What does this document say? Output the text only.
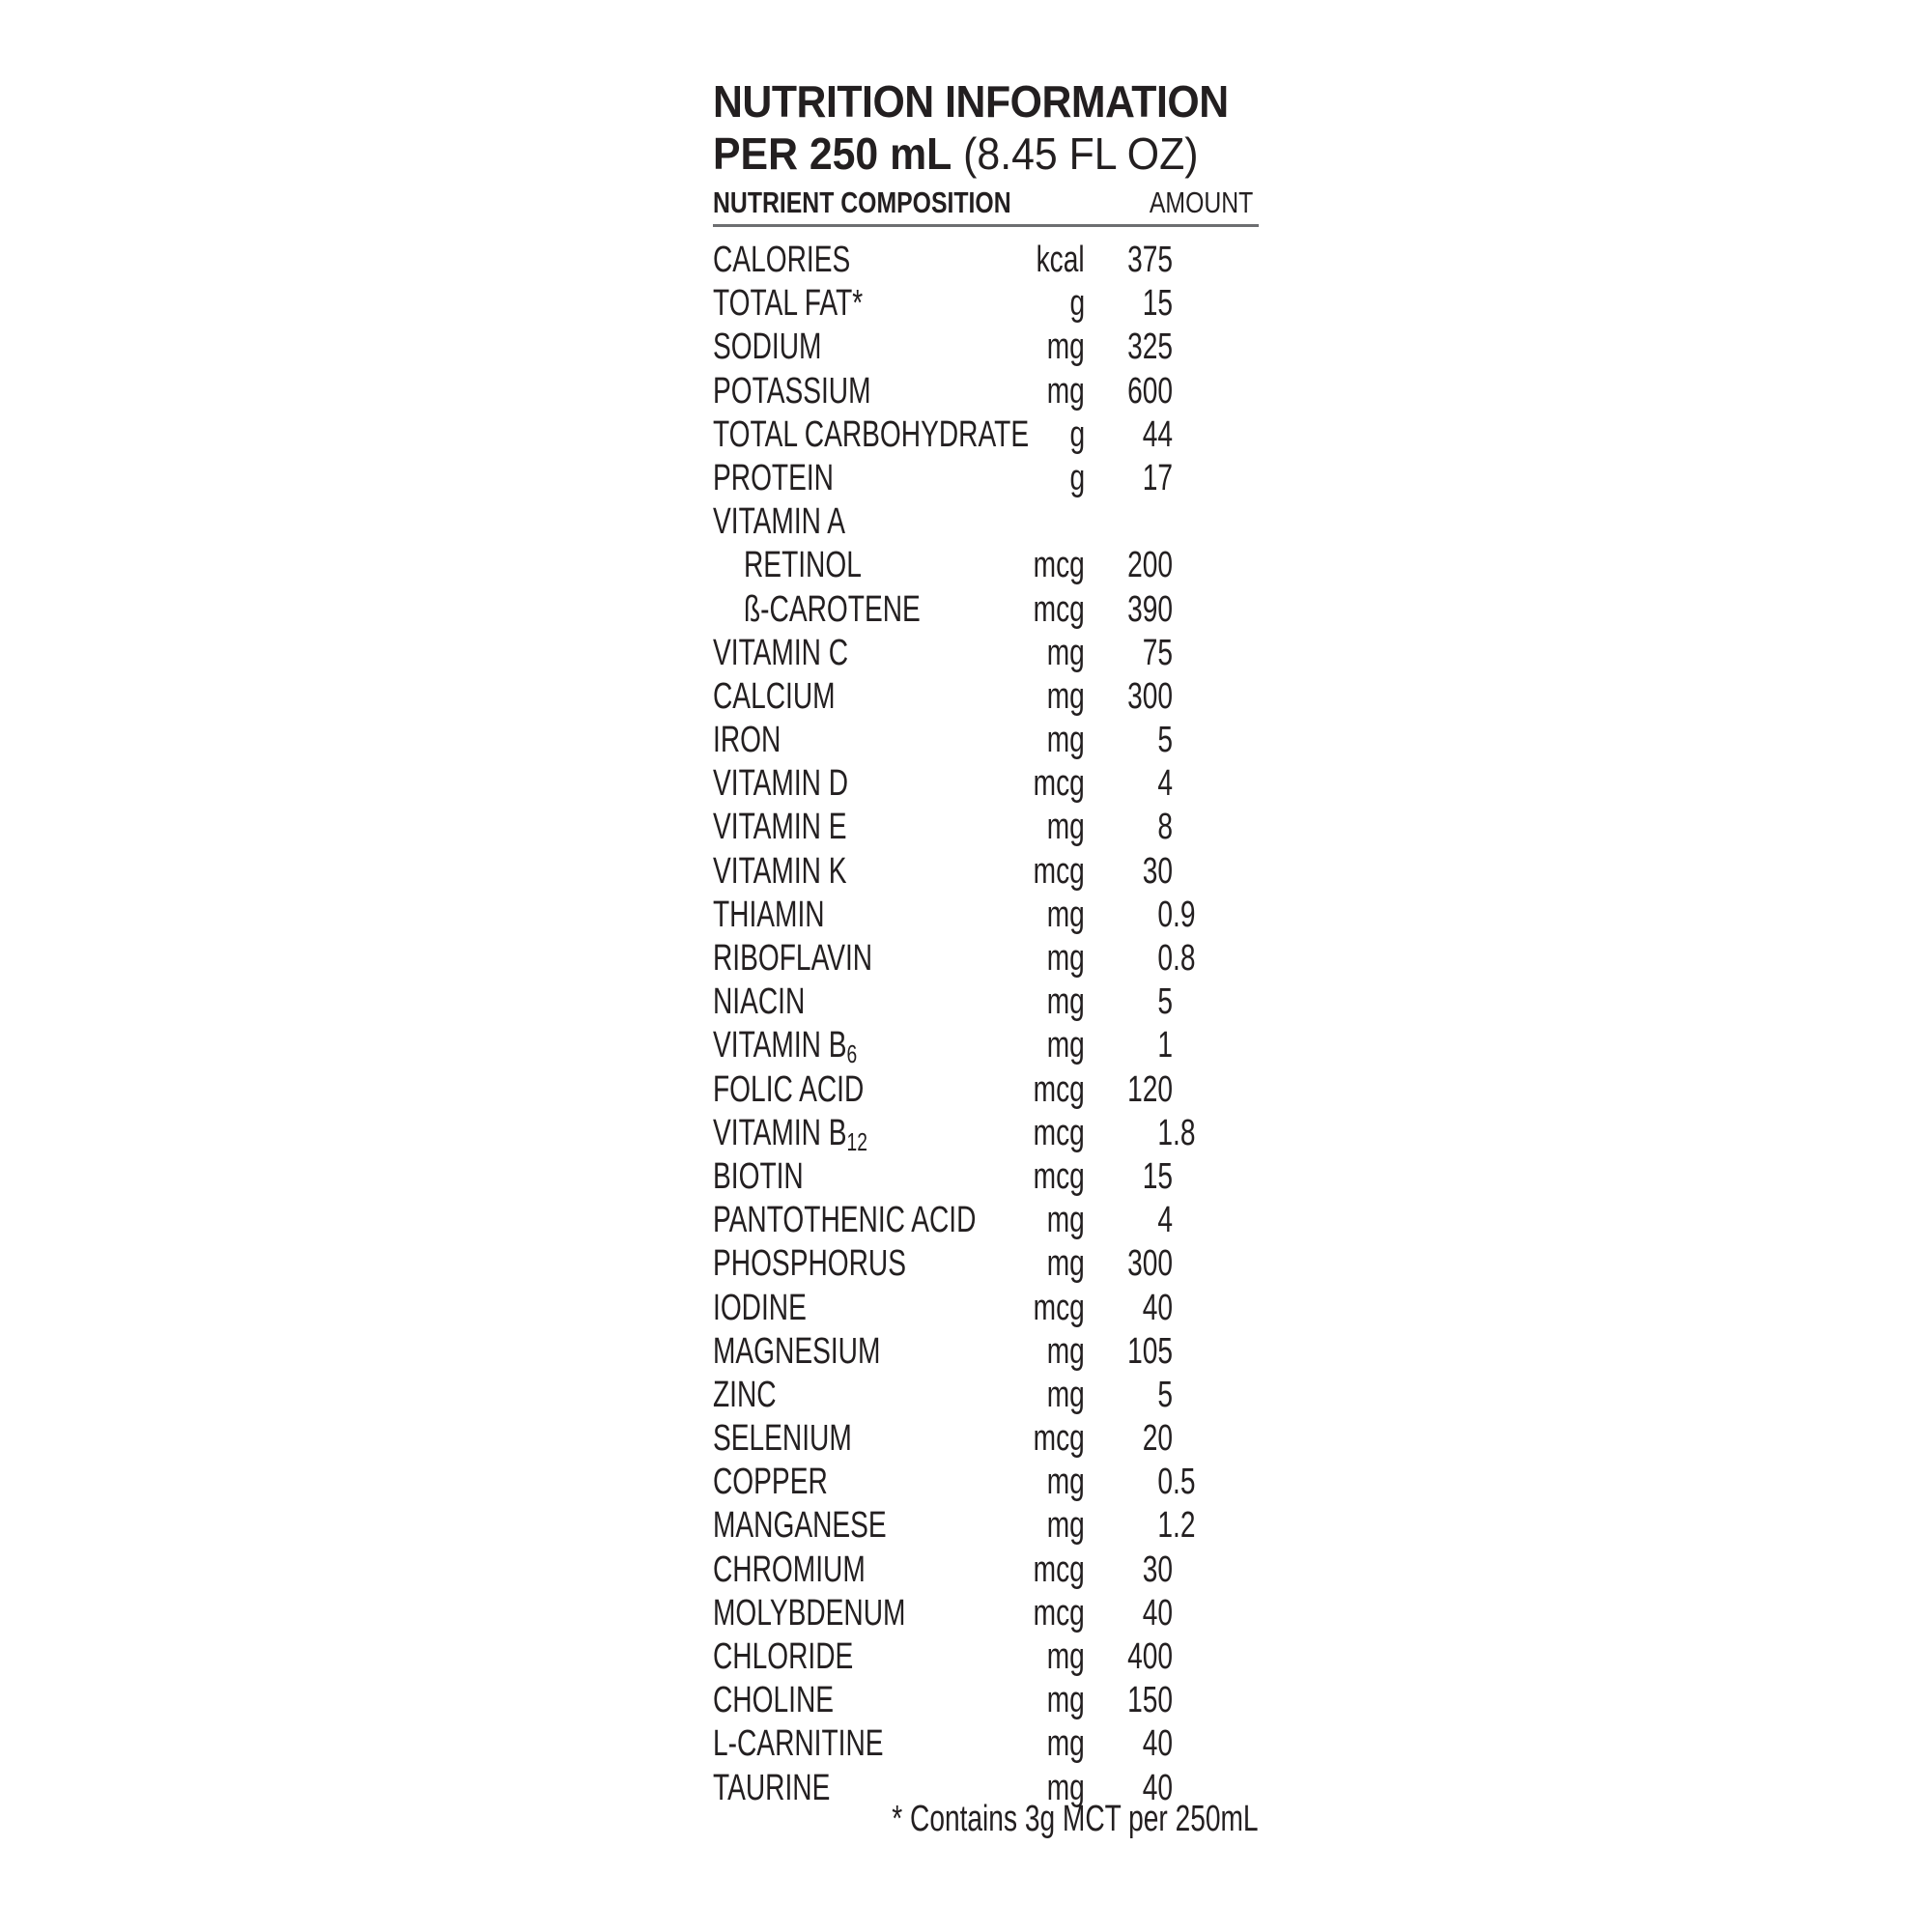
NUTRITION INFORMATION
PER 250 mL (8.45 FL OZ)
NUTRIENT COMPOSITION	AMOUNT
CALORIES	kcal	375
TOTAL FAT*	g	15
SODIUM	mg	325
POTASSIUM	mg	600
TOTAL CARBOHYDRATE g	44
PROTEIN	g	17
VITAMIN A
RETINOL	mcg	200
ß-CAROTENE	mcg	390
VITAMIN C	mg	75
CALCIUM	mg	300
IRON	mg	5
VITAMIN D	mcg	4
VITAMIN E	mg	8
VITAMIN K	mcg	30
THIAMIN	mg	0.9
RIBOFLAVIN	mg	0.8
NIACIN	mg	5
VITAMIN B6	mg	1
FOLIC ACID	mcg	120
VITAMIN B12	mcg	1.8
BIOTIN	mcg	15
PANTOTHENIC ACID mg	4
PHOSPHORUS	mg	300
IODINE	mcg	40
MAGNESIUM	mg	105
ZINC	mg	5
SELENIUM	mcg	20
COPPER	mg	0.5
MANGANESE	mg	1.2
CHROMIUM	mcg	30
MOLYBDENUM	mcg	40
CHLORIDE	mg	400
CHOLINE	mg	150
L-CARNITINE	mg	40
TAURINE	mg	40
* Contains 3g MCT per 250mL
